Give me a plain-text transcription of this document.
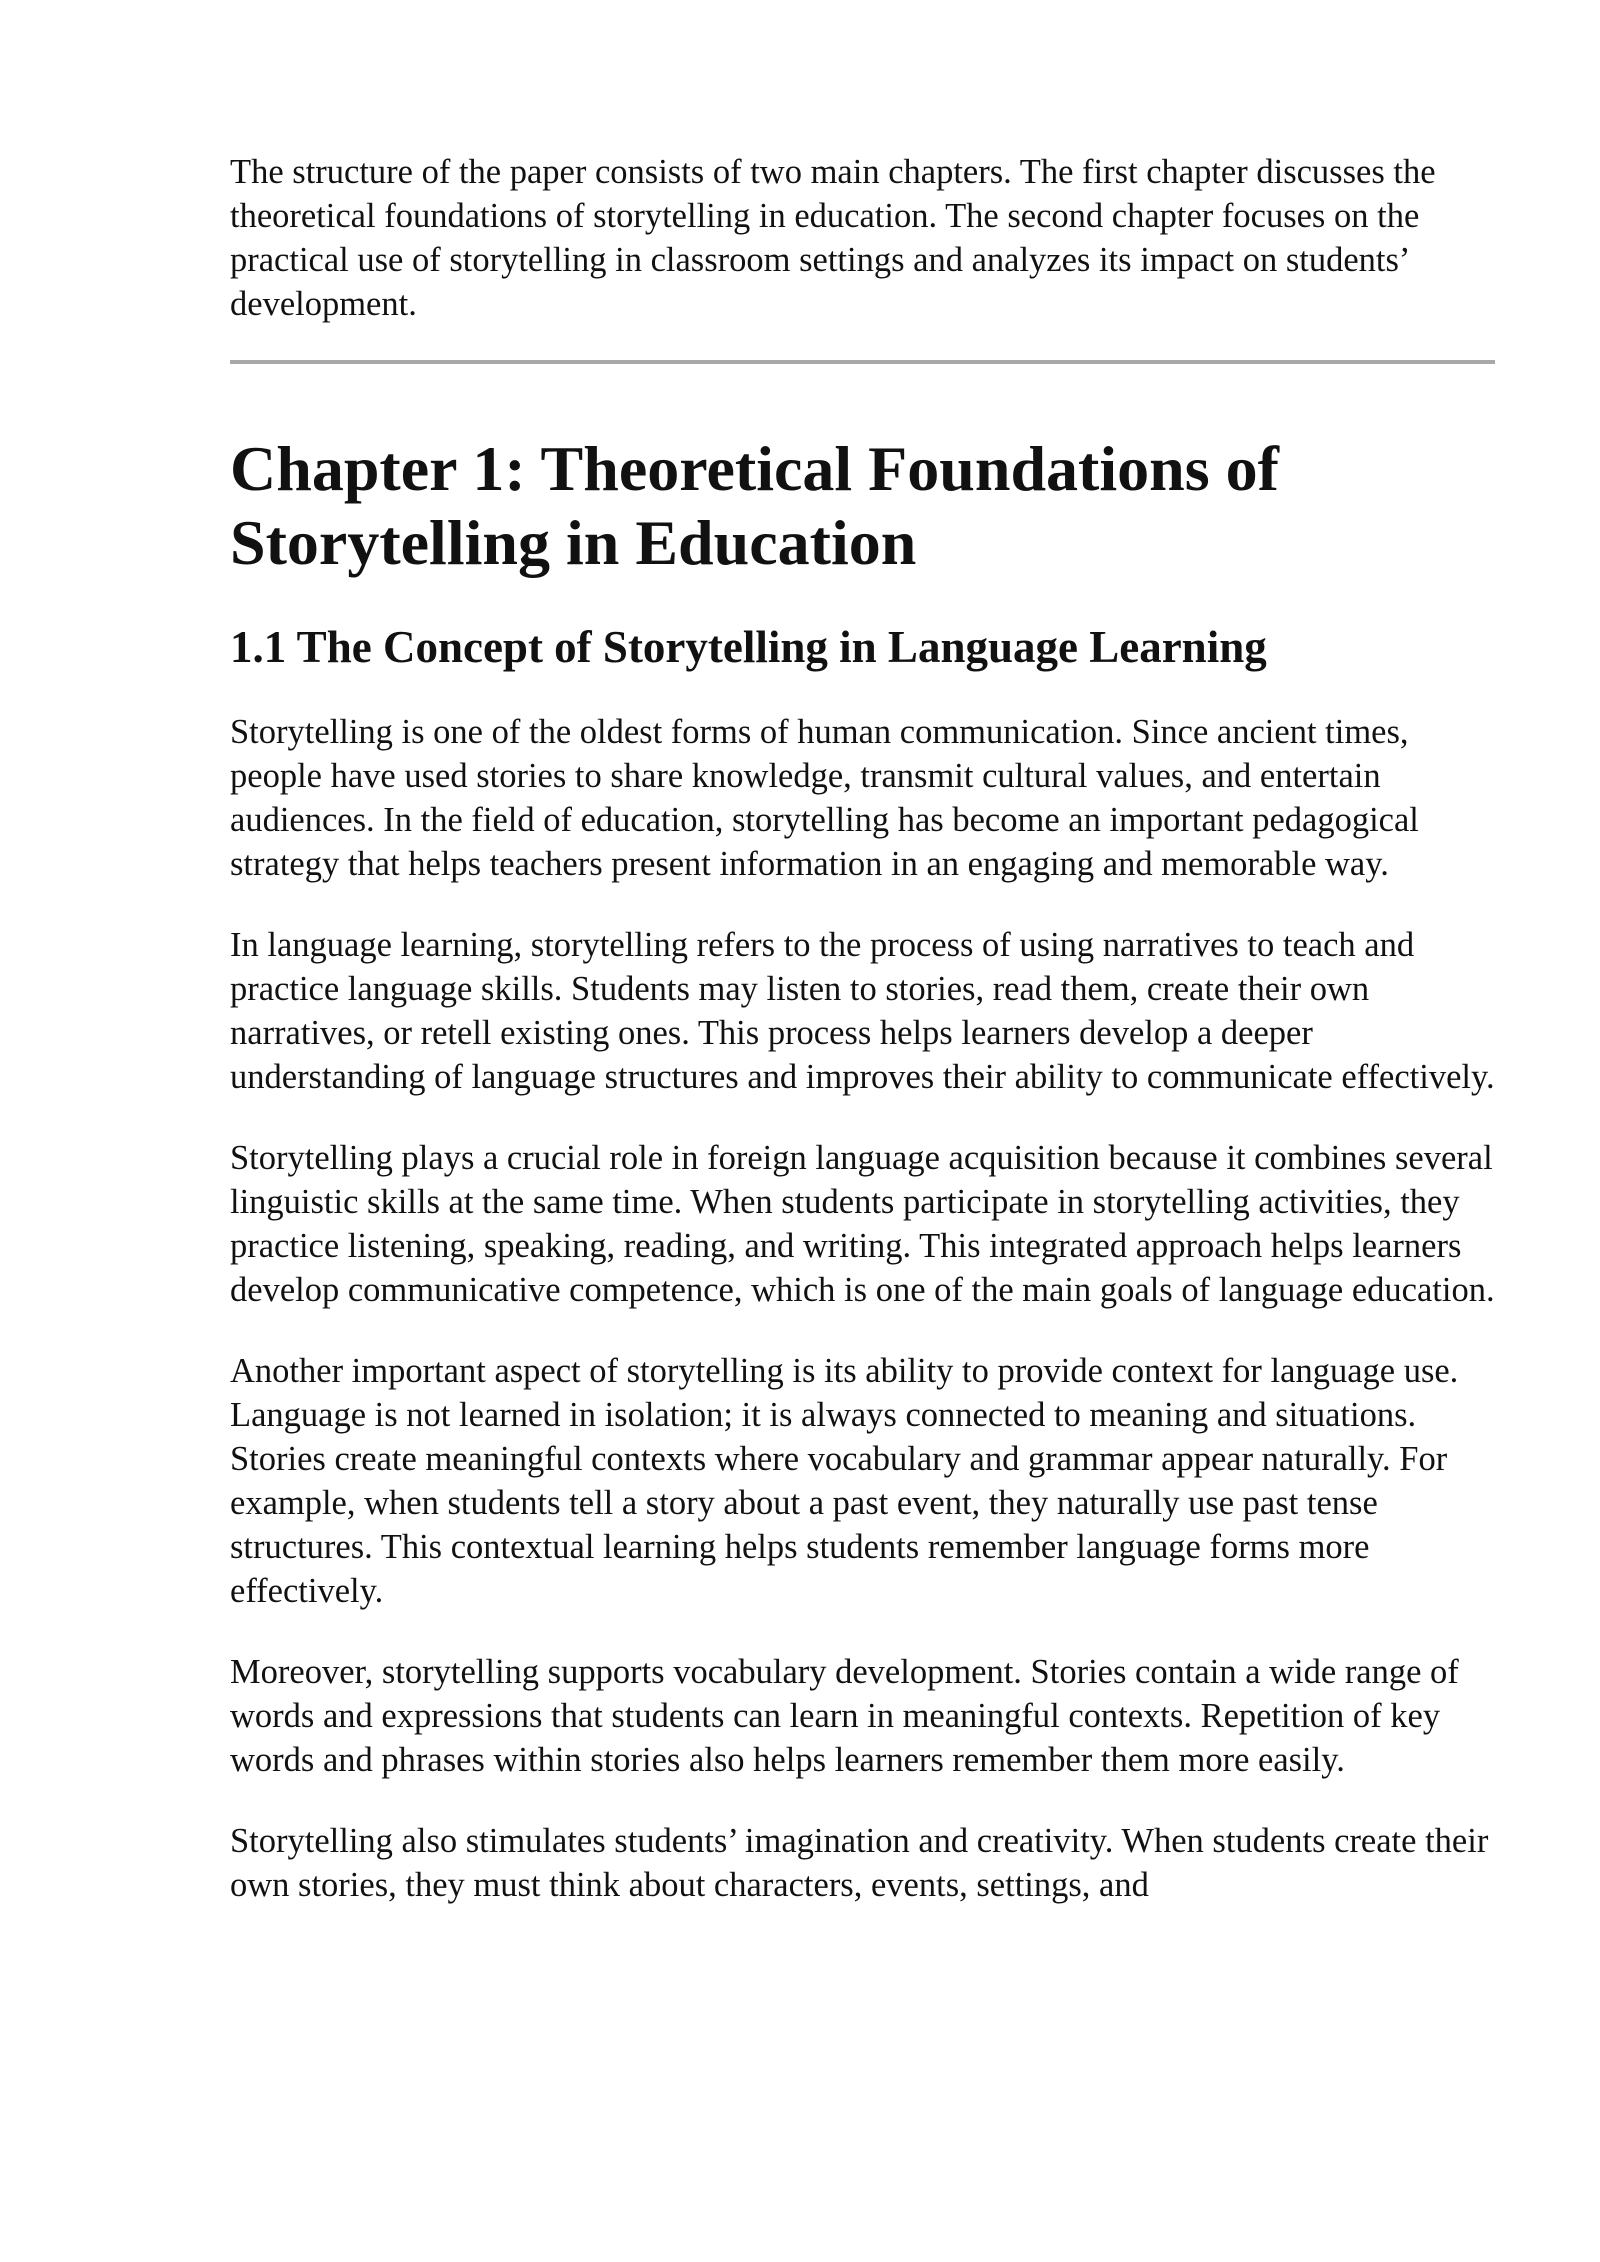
The structure of the paper consists of two main chapters. The first chapter discusses the theoretical foundations of storytelling in education. The second chapter focuses on the practical use of storytelling in classroom settings and analyzes its impact on students’ development.

Chapter 1: Theoretical Foundations of Storytelling in Education
1.1 The Concept of Storytelling in Language Learning

Storytelling is one of the oldest forms of human communication. Since ancient times, people have used stories to share knowledge, transmit cultural values, and entertain audiences. In the field of education, storytelling has become an important pedagogical strategy that helps teachers present information in an engaging and memorable way.

In language learning, storytelling refers to the process of using narratives to teach and practice language skills. Students may listen to stories, read them, create their own narratives, or retell existing ones. This process helps learners develop a deeper understanding of language structures and improves their ability to communicate effectively.

Storytelling plays a crucial role in foreign language acquisition because it combines several linguistic skills at the same time. When students participate in storytelling activities, they practice listening, speaking, reading, and writing. This integrated approach helps learners develop communicative competence, which is one of the main goals of language education.

Another important aspect of storytelling is its ability to provide context for language use. Language is not learned in isolation; it is always connected to meaning and situations. Stories create meaningful contexts where vocabulary and grammar appear naturally. For example, when students tell a story about a past event, they naturally use past tense structures. This contextual learning helps students remember language forms more effectively.

Moreover, storytelling supports vocabulary development. Stories contain a wide range of words and expressions that students can learn in meaningful contexts. Repetition of key words and phrases within stories also helps learners remember them more easily.

Storytelling also stimulates students’ imagination and creativity. When students create their own stories, they must think about characters, events, settings, and
